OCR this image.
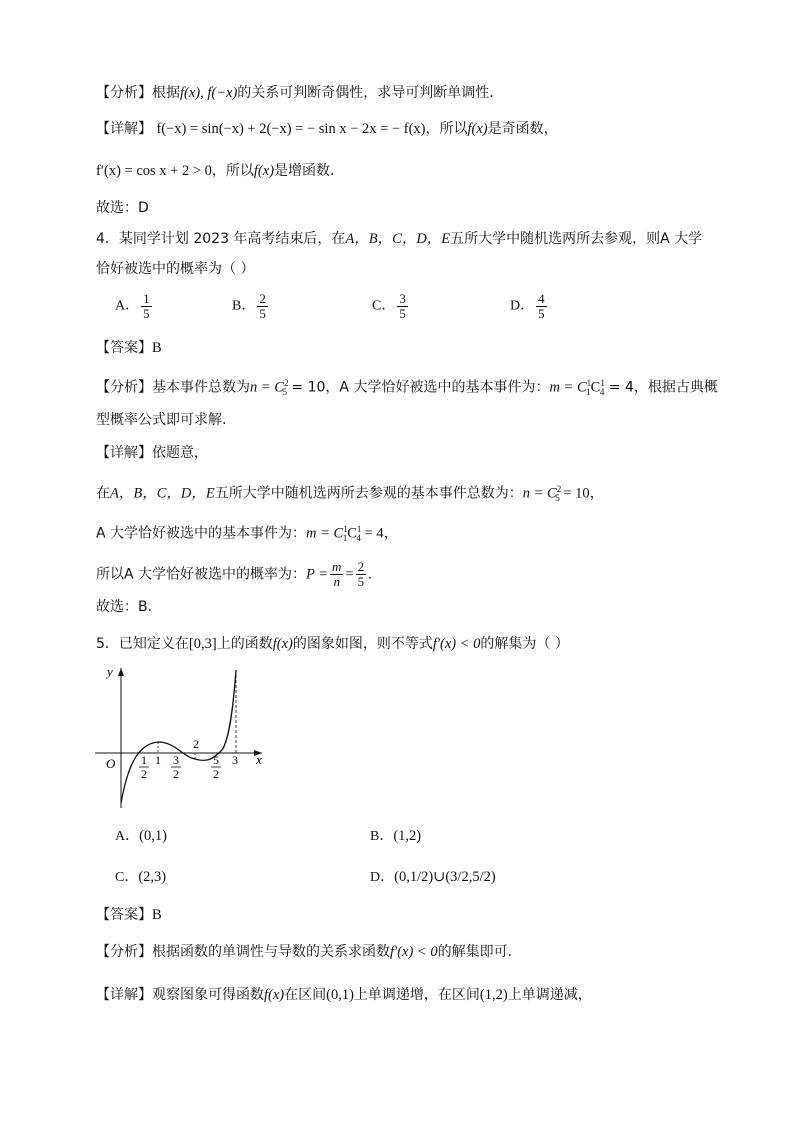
【分析】根据f(x), f(−x)的关系可判断奇偶性，求导可判断单调性.
【详解】 f(−x) = sin(−x) + 2(−x) = − sin x − 2x = − f(x)，所以f(x)是奇函数，
f′(x) = cos x + 2 > 0，所以f(x)是增函数.
故选：D
4．某同学计划 2023 年高考结束后，在A，B，C，D，E五所大学中随机选两所去参观，则A 大学
恰好被选中的概率为（ ）
A． $\frac{1}{5}$	B． $\frac{2}{5}$	C． $\frac{3}{5}$	D． $\frac{4}{5}$
【答案】B
【分析】基本事件总数为$n = C^2_5 = 10$，A 大学恰好被选中的基本事件为：$m = C^1_1C^1_4 = 4$，根据古典概
型概率公式即可求解.
【详解】依题意，
在A，B，C，D，E五所大学中随机选两所去参观的基本事件总数为：$n = C^2_5 = 10$，
A 大学恰好被选中的基本事件为：$m = C^1_1C^1_4 = 4$，
所以A 大学恰好被选中的概率为：$P = \frac{m}{n} = \frac{2}{5}$ .
故选：B.
5．已知定义在[0,3]上的函数f(x)的图象如图，则不等式f′(x) < 0的解集为（ ）
y
x
O	1	3
2
1
2
3
2
5
2
A．(0,1)	B．(1,2)
C．(2,3)	D．(0,1/2)∪(3/2,5/2)
【答案】B
【分析】根据函数的单调性与导数的关系求函数f′(x) < 0的解集即可.
【详解】观察图象可得函数f(x)在区间(0,1)上单调递增，在区间(1,2)上单调递减，
